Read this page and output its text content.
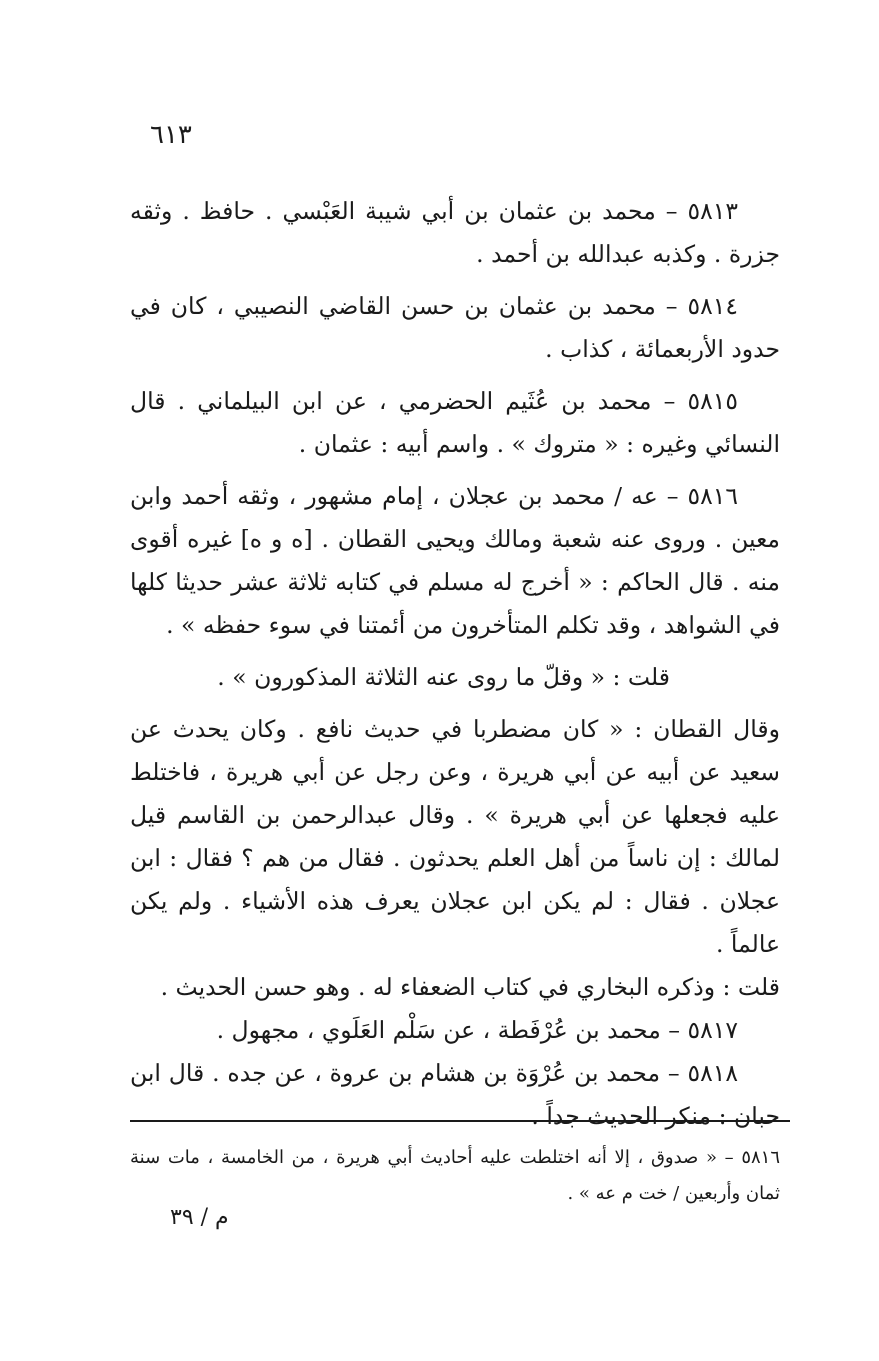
٦١٣

٥٨١٣ – محمد بن عثمان بن أبي شيبة العَبْسي . حافظ . وثقه جزرة . وكذبه عبدالله بن أحمد .

٥٨١٤ – محمد بن عثمان بن حسن القاضي النصيبي ، كان في حدود الأربعمائة ، كذاب .

٥٨١٥ – محمد بن عُثَيم الحضرمي ، عن ابن البيلماني . قال النسائي وغيره : « متروك » . واسم أبيه : عثمان .

٥٨١٦ – عه / محمد بن عجلان ، إمام مشهور ، وثقه أحمد وابن معين . وروى عنه شعبة ومالك ويحيى القطان . [ه و ه] غيره أقوى منه . قال الحاكم : « أخرج له مسلم في كتابه ثلاثة عشر حديثا كلها في الشواهد ، وقد تكلم المتأخرون من أئمتنا في سوء حفظه » .

قلت : « وقلّ ما روى عنه الثلاثة المذكورون » .

وقال القطان : « كان مضطربا في حديث نافع . وكان يحدث عن سعيد عن أبيه عن أبي هريرة ، وعن رجل عن أبي هريرة ، فاختلط عليه فجعلها عن أبي هريرة » . وقال عبدالرحمن بن القاسم قيل لمالك : إن ناساً من أهل العلم يحدثون . فقال من هم ؟ فقال : ابن عجلان . فقال : لم يكن ابن عجلان يعرف هذه الأشياء . ولم يكن عالماً .

قلت : وذكره البخاري في كتاب الضعفاء له . وهو حسن الحديث .

٥٨١٧ – محمد بن عُرْفَطة ، عن سَلْم العَلَوي ، مجهول .

٥٨١٨ – محمد بن عُرْوَة بن هشام بن عروة ، عن جده . قال ابن حبان : منكر الحديث جداً .

٥٨١٦ – « صدوق ، إلا أنه اختلطت عليه أحاديث أبي هريرة ، من الخامسة ، مات سنة ثمان وأربعين / خت م عه » .

م / ٣٩
